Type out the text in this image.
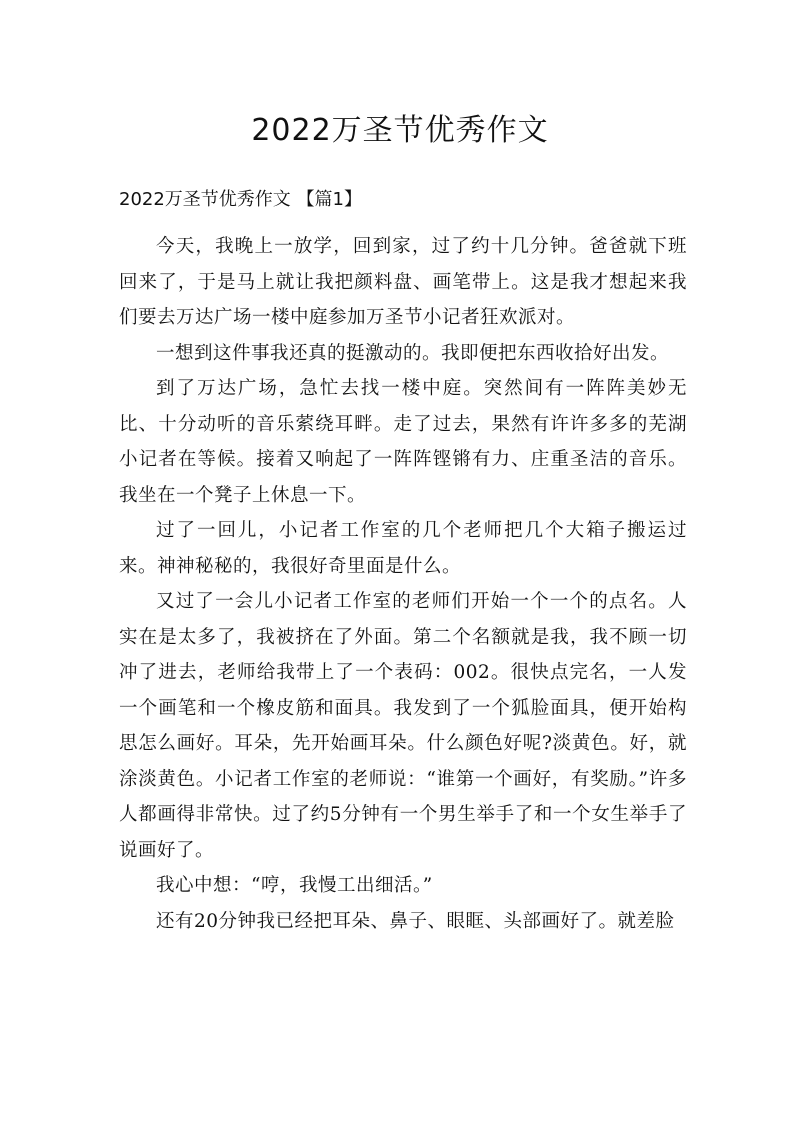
2022万圣节优秀作文
2022万圣节优秀作文 【篇1】

今天，我晚上一放学，回到家，过了约十几分钟。爸爸就下班回来了，于是马上就让我把颜料盘、画笔带上。这是我才想起来我们要去万达广场一楼中庭参加万圣节小记者狂欢派对。

一想到这件事我还真的挺激动的。我即便把东西收拾好出发。

到了万达广场，急忙去找一楼中庭。突然间有一阵阵美妙无比、十分动听的音乐萦绕耳畔。走了过去，果然有许许多多的芜湖小记者在等候。接着又响起了一阵阵铿锵有力、庄重圣洁的音乐。我坐在一个凳子上休息一下。

过了一回儿，小记者工作室的几个老师把几个大箱子搬运过来。神神秘秘的，我很好奇里面是什么。

又过了一会儿小记者工作室的老师们开始一个一个的点名。人实在是太多了，我被挤在了外面。第二个名额就是我，我不顾一切冲了进去，老师给我带上了一个表码：002。很快点完名，一人发一个画笔和一个橡皮筋和面具。我发到了一个狐脸面具，便开始构思怎么画好。耳朵，先开始画耳朵。什么颜色好呢?淡黄色。好，就涂淡黄色。小记者工作室的老师说：“谁第一个画好，有奖励。”许多人都画得非常快。过了约5分钟有一个男生举手了和一个女生举手了说画好了。

我心中想：“哼，我慢工出细活。”

还有20分钟我已经把耳朵、鼻子、眼眶、头部画好了。就差脸
